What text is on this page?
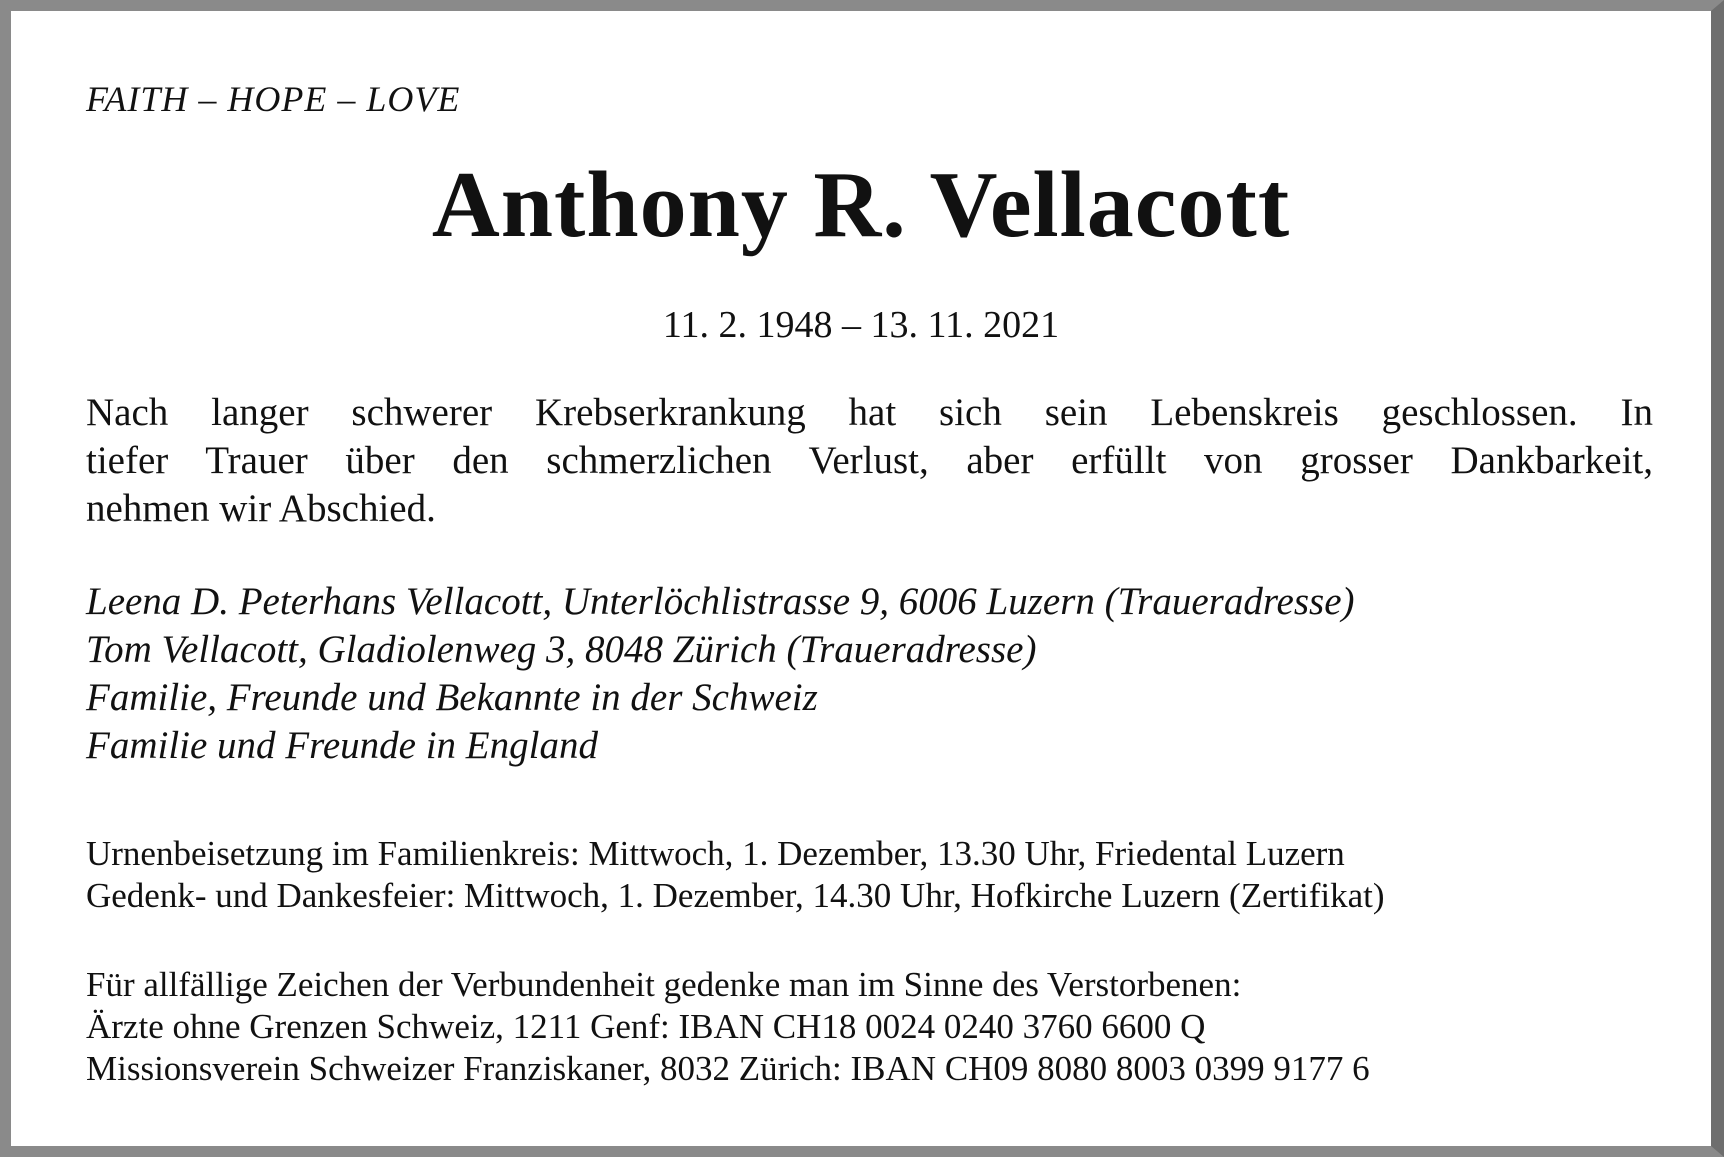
FAITH – HOPE – LOVE
Anthony R. Vellacott
11. 2. 1948 – 13. 11. 2021
Nach langer schwerer Krebserkrankung hat sich sein Lebenskreis geschlossen. In
tiefer Trauer über den schmerzlichen Verlust, aber erfüllt von grosser Dankbarkeit,
nehmen wir Abschied.
Leena D. Peterhans Vellacott, Unterlöchlistrasse 9, 6006 Luzern (Traueradresse)
Tom Vellacott, Gladiolenweg 3, 8048 Zürich (Traueradresse)
Familie, Freunde und Bekannte in der Schweiz
Familie und Freunde in England
Urnenbeisetzung im Familienkreis: Mittwoch, 1. Dezember, 13.30 Uhr, Friedental Luzern
Gedenk- und Dankesfeier: Mittwoch, 1. Dezember, 14.30 Uhr, Hofkirche Luzern (Zertifikat)
Für allfällige Zeichen der Verbundenheit gedenke man im Sinne des Verstorbenen:
Ärzte ohne Grenzen Schweiz, 1211 Genf: IBAN CH18 0024 0240 3760 6600 Q
Missionsverein Schweizer Franziskaner, 8032 Zürich: IBAN CH09 8080 8003 0399 9177 6
